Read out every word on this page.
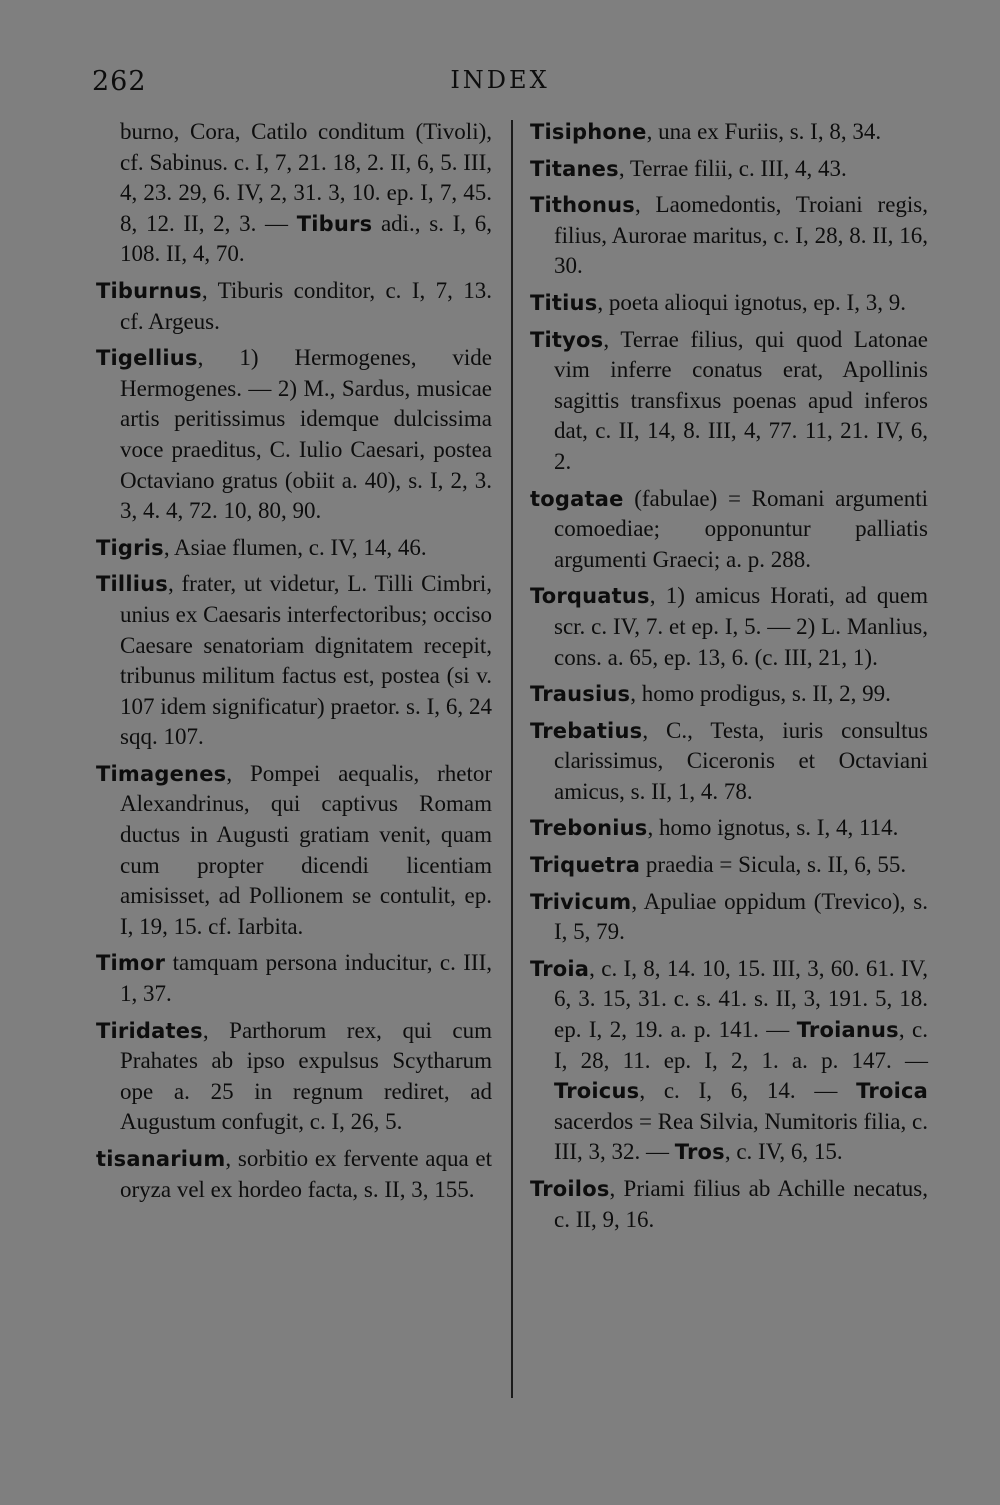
262	INDEX

burno, Cora, Catilo conditum (Tivoli), cf. Sabinus. c. I, 7, 21. 18, 2. II, 6, 5. III, 4, 23. 29, 6. IV, 2, 31. 3, 10. ep. I, 7, 45. 8, 12. II, 2, 3. — Tiburs adi., s. I, 6, 108. II, 4, 70.

Tiburnus, Tiburis conditor, c. I, 7, 13. cf. Argeus.

Tigellius, 1) Hermogenes, vide Hermogenes. — 2) M., Sardus, musicae artis peritissimus idemque dulcissima voce praeditus, C. Iulio Caesari, postea Octaviano gratus (obiit a. 40), s. I, 2, 3. 3, 4. 4, 72. 10, 80, 90.

Tigris, Asiae flumen, c. IV, 14, 46.

Tillius, frater, ut videtur, L. Tilli Cimbri, unius ex Caesaris interfectoribus; occiso Caesare senatoriam dignitatem recepit, tribunus militum factus est, postea (si v. 107 idem significatur) praetor. s. I, 6, 24 sqq. 107.

Timagenes, Pompei aequalis, rhetor Alexandrinus, qui captivus Romam ductus in Augusti gratiam venit, quam cum propter dicendi licentiam amisisset, ad Pollionem se contulit, ep. I, 19, 15. cf. Iarbita.

Timor tamquam persona inducitur, c. III, 1, 37.

Tiridates, Parthorum rex, qui cum Prahates ab ipso expulsus Scytharum ope a. 25 in regnum rediret, ad Augustum confugit, c. I, 26, 5.

tisanarium, sorbitio ex fervente aqua et oryza vel ex hordeo facta, s. II, 3, 155.

Tisiphone, una ex Furiis, s. I, 8, 34.

Titanes, Terrae filii, c. III, 4, 43.

Tithonus, Laomedontis, Troiani regis, filius, Aurorae maritus, c. I, 28, 8. II, 16, 30.

Titius, poeta alioqui ignotus, ep. I, 3, 9.

Tityos, Terrae filius, qui quod Latonae vim inferre conatus erat, Apollinis sagittis transfixus poenas apud inferos dat, c. II, 14, 8. III, 4, 77. 11, 21. IV, 6, 2.

togatae (fabulae) = Romani argumenti comoediae; opponuntur palliatis argumenti Graeci; a. p. 288.

Torquatus, 1) amicus Horati, ad quem scr. c. IV, 7. et ep. I, 5. — 2) L. Manlius, cons. a. 65, ep. 13, 6. (c. III, 21, 1).

Trausius, homo prodigus, s. II, 2, 99.

Trebatius, C., Testa, iuris consultus clarissimus, Ciceronis et Octaviani amicus, s. II, 1, 4. 78.

Trebonius, homo ignotus, s. I, 4, 114.

Triquetra praedia = Sicula, s. II, 6, 55.

Trivicum, Apuliae oppidum (Trevico), s. I, 5, 79.

Troia, c. I, 8, 14. 10, 15. III, 3, 60. 61. IV, 6, 3. 15, 31. c. s. 41. s. II, 3, 191. 5, 18. ep. I, 2, 19. a. p. 141. — Troianus, c. I, 28, 11. ep. I, 2, 1. a. p. 147. — Troicus, c. I, 6, 14. — Troica sacerdos = Rea Silvia, Numitoris filia, c. III, 3, 32. — Tros, c. IV, 6, 15.

Troilos, Priami filius ab Achille necatus, c. II, 9, 16.
